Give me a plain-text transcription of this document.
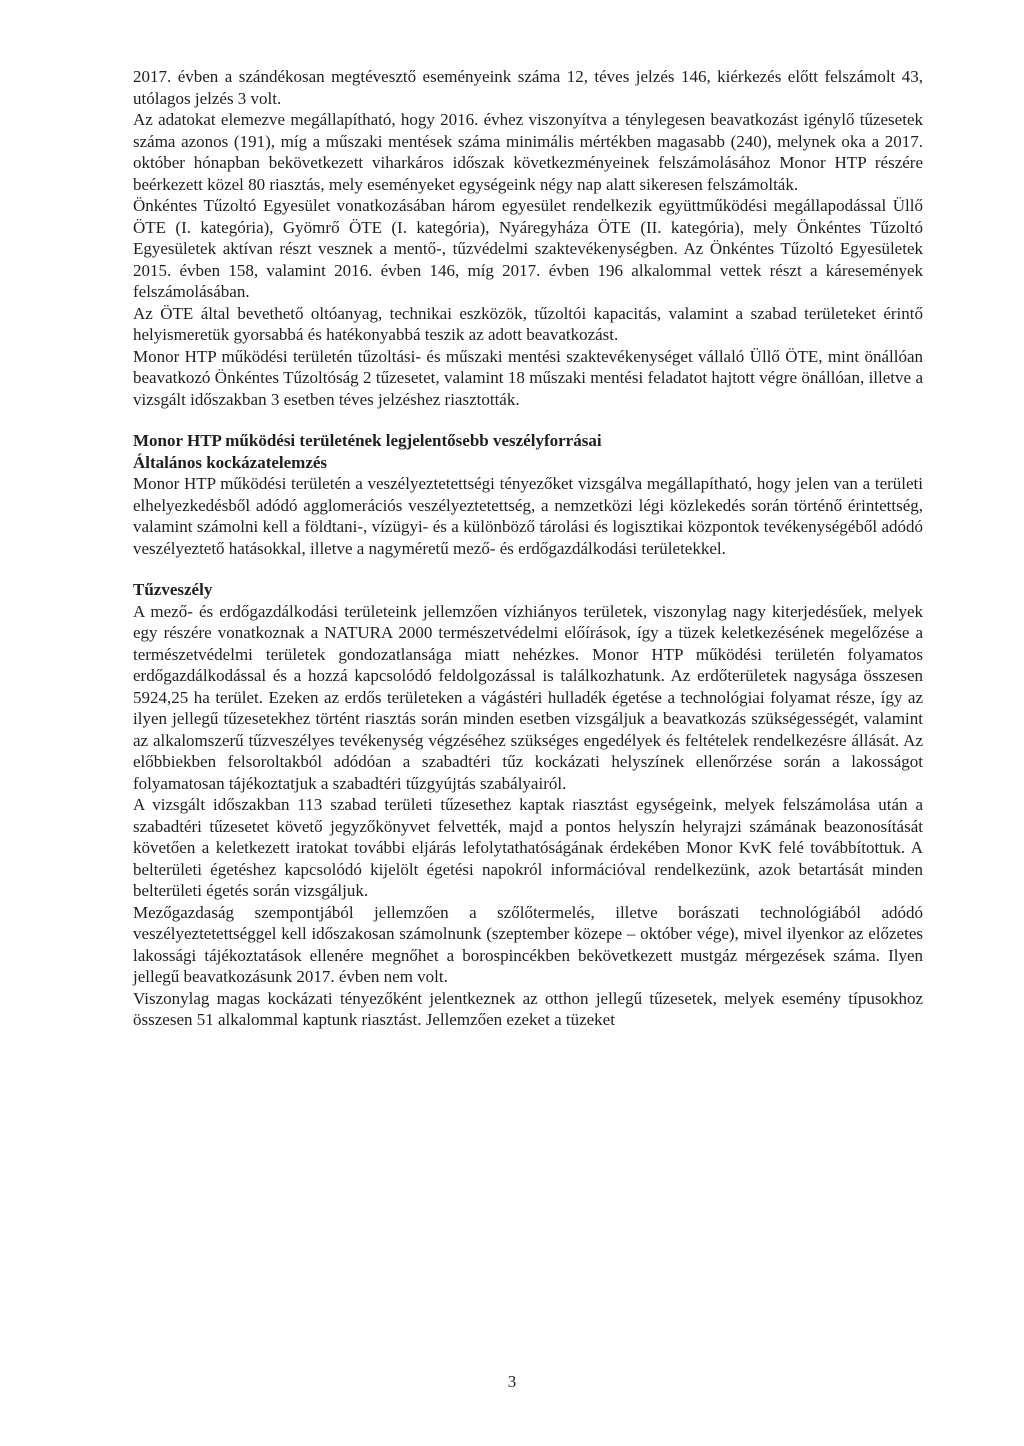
2017. évben a szándékosan megtévesztő eseményeink száma 12, téves jelzés 146, kiérkezés előtt felszámolt 43, utólagos jelzés 3 volt.

Az adatokat elemezve megállapítható, hogy 2016. évhez viszonyítva a ténylegesen beavatkozást igénylő tűzesetek száma azonos (191), míg a műszaki mentések száma minimális mértékben magasabb (240), melynek oka a 2017. október hónapban bekövetkezett viharkáros időszak következményeinek felszámolásához Monor HTP részére beérkezett közel 80 riasztás, mely eseményeket egységeink négy nap alatt sikeresen felszámolták.

Önkéntes Tűzoltó Egyesület vonatkozásában három egyesület rendelkezik együttműködési megállapodással Üllő ÖTE (I. kategória), Gyömrő ÖTE (I. kategória), Nyáregyháza ÖTE (II. kategória), mely Önkéntes Tűzoltó Egyesületek aktívan részt vesznek a mentő-, tűzvédelmi szaktevékenységben. Az Önkéntes Tűzoltó Egyesületek 2015. évben 158, valamint 2016. évben 146, míg 2017. évben 196 alkalommal vettek részt a káresemények felszámolásában.

Az ÖTE által bevethető oltóanyag, technikai eszközök, tűzoltói kapacitás, valamint a szabad területeket érintő helyismeretük gyorsabbá és hatékonyabbá teszik az adott beavatkozást.

Monor HTP működési területén tűzoltási- és műszaki mentési szaktevékenységet vállaló Üllő ÖTE, mint önállóan beavatkozó Önkéntes Tűzoltóság 2 tűzesetet, valamint 18 műszaki mentési feladatot hajtott végre önállóan, illetve a vizsgált időszakban 3 esetben téves jelzéshez riasztották.

Monor HTP működési területének legjelentősebb veszélyforrásai
Általános kockázatelemzés

Monor HTP működési területén a veszélyeztetettségi tényezőket vizsgálva megállapítható, hogy jelen van a területi elhelyezkedésből adódó agglomerációs veszélyeztetettség, a nemzetközi légi közlekedés során történő érintettség, valamint számolni kell a földtani-, vízügyi- és a különböző tárolási és logisztikai központok tevékenységéből adódó veszélyeztető hatásokkal, illetve a nagyméretű mező- és erdőgazdálkodási területekkel.

Tűzveszély

A mező- és erdőgazdálkodási területeink jellemzően vízhiányos területek, viszonylag nagy kiterjedésűek, melyek egy részére vonatkoznak a NATURA 2000 természetvédelmi előírások, így a tüzek keletkezésének megelőzése a természetvédelmi területek gondozatlansága miatt nehézkes. Monor HTP működési területén folyamatos erdőgazdálkodással és a hozzá kapcsolódó feldolgozással is találkozhatunk. Az erdőterületek nagysága összesen 5924,25 ha terület. Ezeken az erdős területeken a vágástéri hulladék égetése a technológiai folyamat része, így az ilyen jellegű tűzesetekhez történt riasztás során minden esetben vizsgáljuk a beavatkozás szükségességét, valamint az alkalomszerű tűzveszélyes tevékenység végzéséhez szükséges engedélyek és feltételek rendelkezésre állását. Az előbbiekben felsoroltakból adódóan a szabadtéri tűz kockázati helyszínek ellenőrzése során a lakosságot folyamatosan tájékoztatjuk a szabadtéri tűzgyújtás szabályairól.

A vizsgált időszakban 113 szabad területi tűzesethez kaptak riasztást egységeink, melyek felszámolása után a szabadtéri tűzesetet követő jegyzőkönyvet felvették, majd a pontos helyszín helyrajzi számának beazonosítását követően a keletkezett iratokat további eljárás lefolytathatóságának érdekében Monor KvK felé továbbítottuk. A belterületi égetéshez kapcsolódó kijelölt égetési napokról információval rendelkezünk, azok betartását minden belterületi égetés során vizsgáljuk.

Mezőgazdaság szempontjából jellemzően a szőlőtermelés, illetve borászati technológiából adódó veszélyeztetettséggel kell időszakosan számolnunk (szeptember közepe – október vége), mivel ilyenkor az előzetes lakossági tájékoztatások ellenére megnőhet a borospincékben bekövetkezett mustgáz mérgezések száma. Ilyen jellegű beavatkozásunk 2017. évben nem volt.

Viszonylag magas kockázati tényezőként jelentkeznek az otthon jellegű tűzesetek, melyek esemény típusokhoz összesen 51 alkalommal kaptunk riasztást. Jellemzően ezeket a tüzeket

3
